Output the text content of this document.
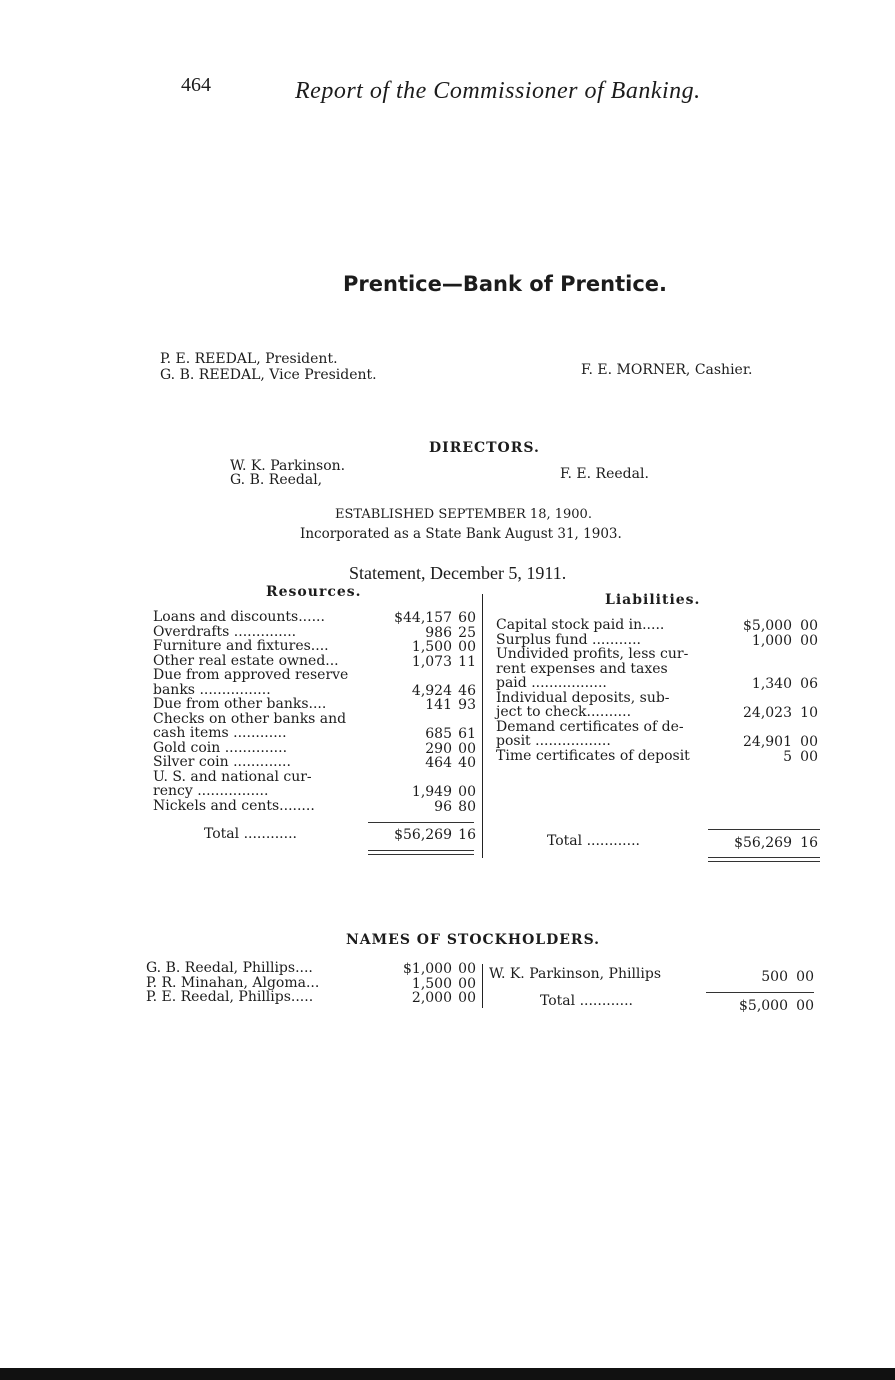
464	Report of the Commissioner of Banking.
Prentice—Bank of Prentice.
P. E. REEDAL, President.
G. B. REEDAL, Vice President.	F. E. MORNER, Cashier.
DIRECTORS.
W. K. Parkinson.
G. B. Reedal,	F. E. Reedal.
ESTABLISHED SEPTEMBER 18, 1900.
Incorporated as a State Bank August 31, 1903.
Statement, December 5, 1911.
Resources.	Liabilities.
Loans and discounts......	$44,157 60
Overdrafts ..............	986 25
Furniture and fixtures....	1,500 00
Other real estate owned...	1,073 11
Due from approved reserve
banks ................	4,924 46
Due from other banks....	141 93
Checks on other banks and
cash items ............	685 61
Gold coin ..............	290 00
Silver coin .............	464 40
U. S. and national cur-
rency ................	1,949 00
Nickels and cents........	96 80
Capital stock paid in.....	$5,000 00
Surplus fund ...........	1,000 00
Undivided profits, less cur-
rent expenses and taxes
paid .................	1,340 06
Individual deposits, sub-
ject to check..........	24,023 10
Demand certificates of de-
posit .................	24,901 00
Time certificates of deposit	5 00
Total ............	$56,269 16	Total ............	$56,269 16
NAMES OF STOCKHOLDERS.
G. B. Reedal, Phillips....	$1,000 00
P. R. Minahan, Algoma...	1,500 00
P. E. Reedal, Phillips.....	2,000 00
W. K. Parkinson, Phillips	500 00
Total ............	$5,000 00
